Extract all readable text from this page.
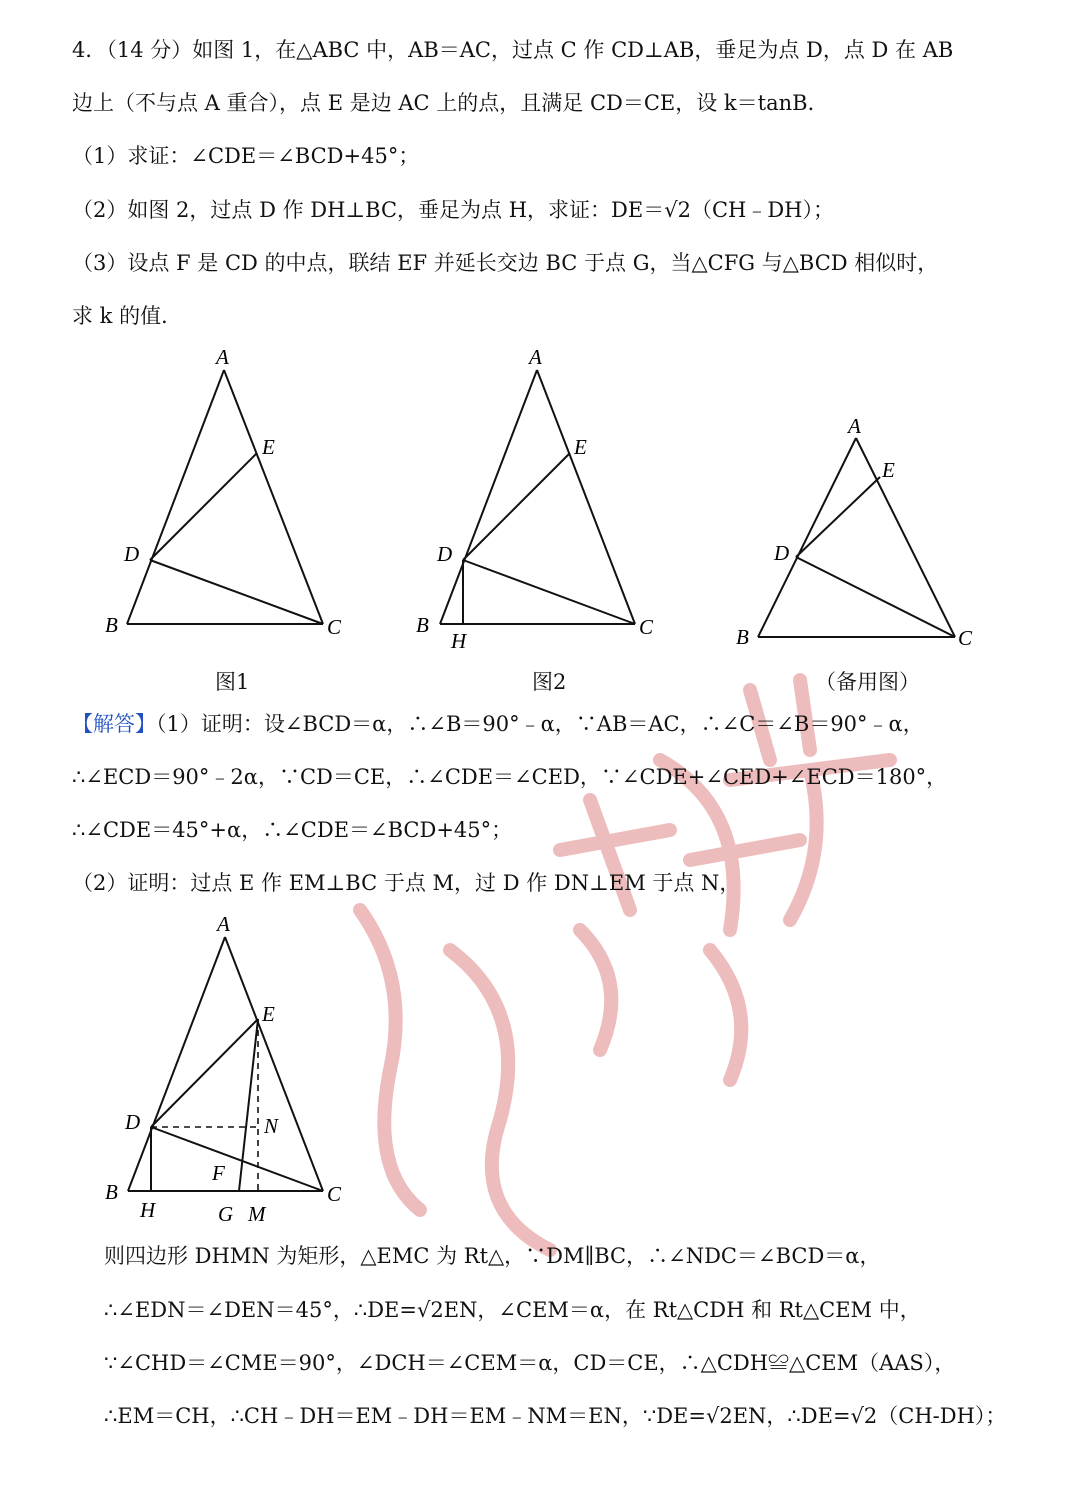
4．（14 分）如图 1，在△ABC 中，AB＝AC，过点 C 作 CD⊥AB，垂足为点 D，点 D 在 AB
边上（不与点 A 重合），点 E 是边 AC 上的点，且满足 CD＝CE，设 k＝tanB．
（1）求证：∠CDE＝∠BCD+45°；
（2）如图 2，过点 D 作 DH⊥BC，垂足为点 H，求证：DE＝√2（CH﹣DH）；
（3）设点 F 是 CD 的中点，联结 EF 并延长交边 BC 于点 G，当△CFG 与△BCD 相似时，
求 k 的值．
A
E
D
B	C
图1
A
E
D
B	C
H
图2
A
E
D
B	C
（备用图）
【解答】（1）证明：设∠BCD＝α，∴∠B＝90°﹣α，∵AB＝AC，∴∠C＝∠B＝90°﹣α，
∴∠ECD＝90°﹣2α，∵CD＝CE，∴∠CDE＝∠CED，∵∠CDE+∠CED+∠ECD＝180°，
∴∠CDE＝45°+α，∴∠CDE＝∠BCD+45°；
（2）证明：过点 E 作 EM⊥BC 于点 M，过 D 作 DN⊥EM 于点 N，
A
E
D	N
F
B	C
H	G M
则四边形 DHMN 为矩形，△EMC 为 Rt△，∵DM∥BC，∴∠NDC＝∠BCD＝α，
∴∠EDN＝∠DEN＝45°，∴DE=√2EN，∠CEM＝α，在 Rt△CDH 和 Rt△CEM 中，
∵∠CHD＝∠CME＝90°，∠DCH＝∠CEM＝α，CD＝CE，∴△CDH≌△CEM（AAS），
∴EM＝CH，∴CH﹣DH＝EM﹣DH＝EM﹣NM＝EN，∵DE=√2EN，∴DE=√2（CH-DH）；
